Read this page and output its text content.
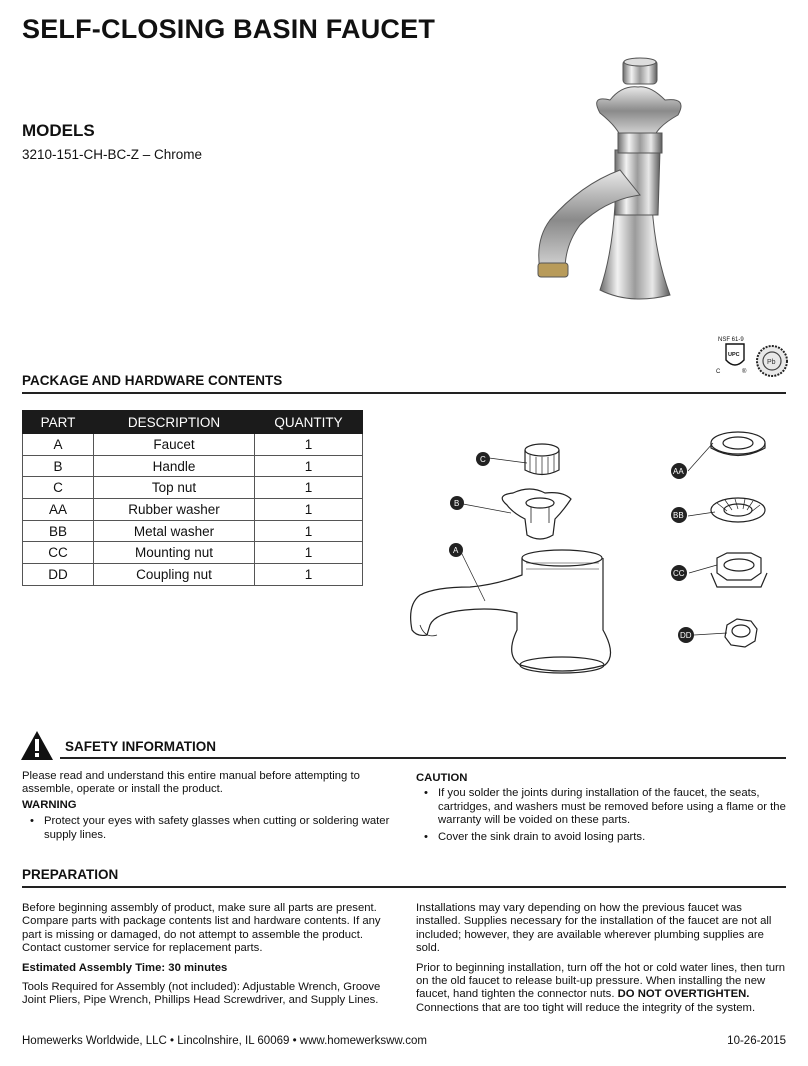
SELF-CLOSING BASIN FAUCET
MODELS
3210-151-CH-BC-Z – Chrome
NSF 61-9
UPC
C	®
Pb
PACKAGE AND HARDWARE CONTENTS
PART	DESCRIPTION	QUANTITY
A	Faucet	1
B	Handle	1
C	Top nut	1
AA	Rubber washer	1
BB	Metal washer	1
CC	Mounting nut	1
DD	Coupling nut	1
C
B
A
AA
BB
CC
DD
SAFETY INFORMATION

Please read and understand this entire manual before attempting to assemble, operate or install the product.

WARNING
• Protect your eyes with safety glasses when cutting or soldering water supply lines.
CAUTION
• If you solder the joints during installation of the faucet, the seats, cartridges, and washers must be removed before using a flame or the warranty will be voided on these parts.
• Cover the sink drain to avoid losing parts.
PREPARATION

Before beginning assembly of product, make sure all parts are present. Compare parts with package contents list and hardware contents. If any part is missing or damaged, do not attempt to assemble the product. Contact customer service for replacement parts.

Estimated Assembly Time: 30 minutes

Tools Required for Assembly (not included): Adjustable Wrench, Groove Joint Pliers, Pipe Wrench, Phillips Head Screwdriver, and Supply Lines.

Installations may vary depending on how the previous faucet was installed. Supplies necessary for the installation of the faucet are not all included; however, they are available wherever plumbing supplies are sold.

Prior to beginning installation, turn off the hot or cold water lines, then turn on the old faucet to release built-up pressure. When installing the new faucet, hand tighten the connector nuts. DO NOT OVERTIGHTEN. Connections that are too tight will reduce the integrity of the system.

Homewerks Worldwide, LLC • Lincolnshire, IL 60069 • www.homewerksww.com	10-26-2015
